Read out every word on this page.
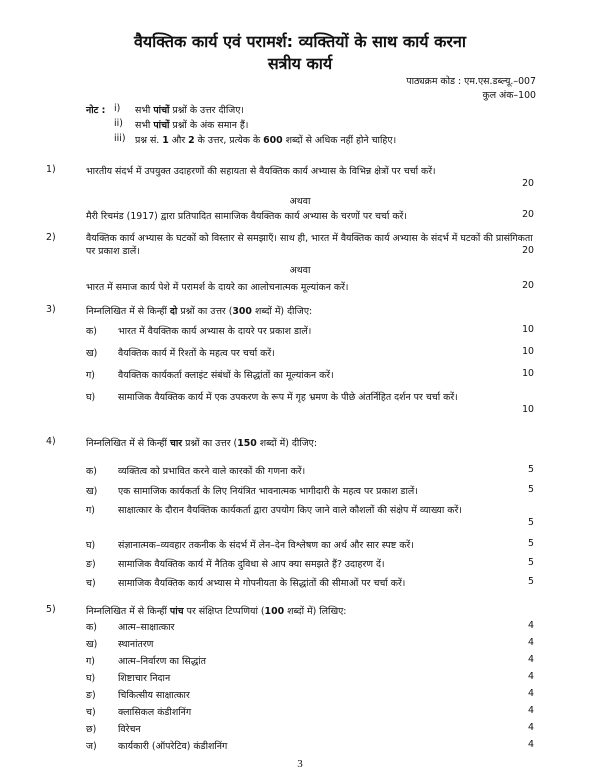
वैयक्तिक कार्य एवं परामर्श: व्यक्तियों के साथ कार्य करना
सत्रीय कार्य
पाठ्यक्रम कोड : एम.एस.डब्ल्यू.–007
कुल अंक–100
नोट : i) सभी पांचों प्रश्नों के उत्तर दीजिए।
ii) सभी पांचों प्रश्नों के अंक समान हैं।
iii) प्रश्न सं. 1 और 2 के उत्तर, प्रत्येक के 600 शब्दों से अधिक नहीं होने चाहिए।
1)	भारतीय संदर्भ में उपयुक्त उदाहरणों की सहायता से वैयक्तिक कार्य अभ्यास के विभिन्न क्षेत्रों पर चर्चा करें।
20
अथवा
मैरी रिचमंड (1917) द्वारा प्रतिपादित सामाजिक वैयक्तिक कार्य अभ्यास के चरणों पर चर्चा करें।	20
2)	वैयक्तिक कार्य अभ्यास के घटकों को विस्तार से समझाएँ। साथ ही, भारत में वैयक्तिक कार्य अभ्यास के संदर्भ में घटकों की प्रासंगिकता पर प्रकाश डालें।	20
अथवा
भारत में समाज कार्य पेशे में परामर्श के दायरे का आलोचनात्मक मूल्यांकन करें।	20
3)	निम्नलिखित में से किन्हीं दो प्रश्नों का उत्तर (300 शब्दों में) दीजिए:
क) भारत में वैयक्तिक कार्य अभ्यास के दायरे पर प्रकाश डालें।	10
ख) वैयक्तिक कार्य में रिश्तों के महत्व पर चर्चा करें।	10
ग) वैयक्तिक कार्यकर्ता क्लाइंट संबंधों के सिद्धांतों का मूल्यांकन करें।	10
घ) सामाजिक वैयक्तिक कार्य में एक उपकरण के रूप में गृह भ्रमण के पीछे अंतर्निहित दर्शन पर चर्चा करें।
10
4)	निम्नलिखित में से किन्हीं चार प्रश्नों का उत्तर (150 शब्दों में) दीजिए:
क) व्यक्तित्व को प्रभावित करने वाले कारकों की गणना करें।	5
ख) एक सामाजिक कार्यकर्ता के लिए नियंत्रित भावनात्मक भागीदारी के महत्व पर प्रकाश डालें।	5
ग) साक्षात्कार के दौरान वैयक्तिक कार्यकर्ता द्वारा उपयोग किए जाने वाले कौशलों की संक्षेप में व्याख्या करें।
5
घ) संज्ञानात्मक–व्यवहार तकनीक के संदर्भ में लेन–देन विश्लेषण का अर्थ और सार स्पष्ट करें।	5
ङ) सामाजिक वैयक्तिक कार्य में नैतिक दुविधा से आप क्या समझते हैं? उदाहरण दें।	5
च) सामाजिक वैयक्तिक कार्य अभ्यास मे गोपनीयता के सिद्धांतों की सीमाओं पर चर्चा करें।	5
5)	निम्नलिखित में से किन्हीं पांच पर संक्षिप्त टिप्पणियां (100 शब्दों में) लिखिए:
क) आत्म–साक्षात्कार	4
ख) स्थानांतरण	4
ग) आत्म–निर्वारण का सिद्धांत	4
घ) शिष्टाचार निदान	4
ङ) चिकित्सीय साक्षात्कार	4
च) क्लासिकल कंडीशनिंग	4
छ) विरेचन	4
ज) कार्यकारी (ऑपरेटिव) कंडीशनिंग	4
3
